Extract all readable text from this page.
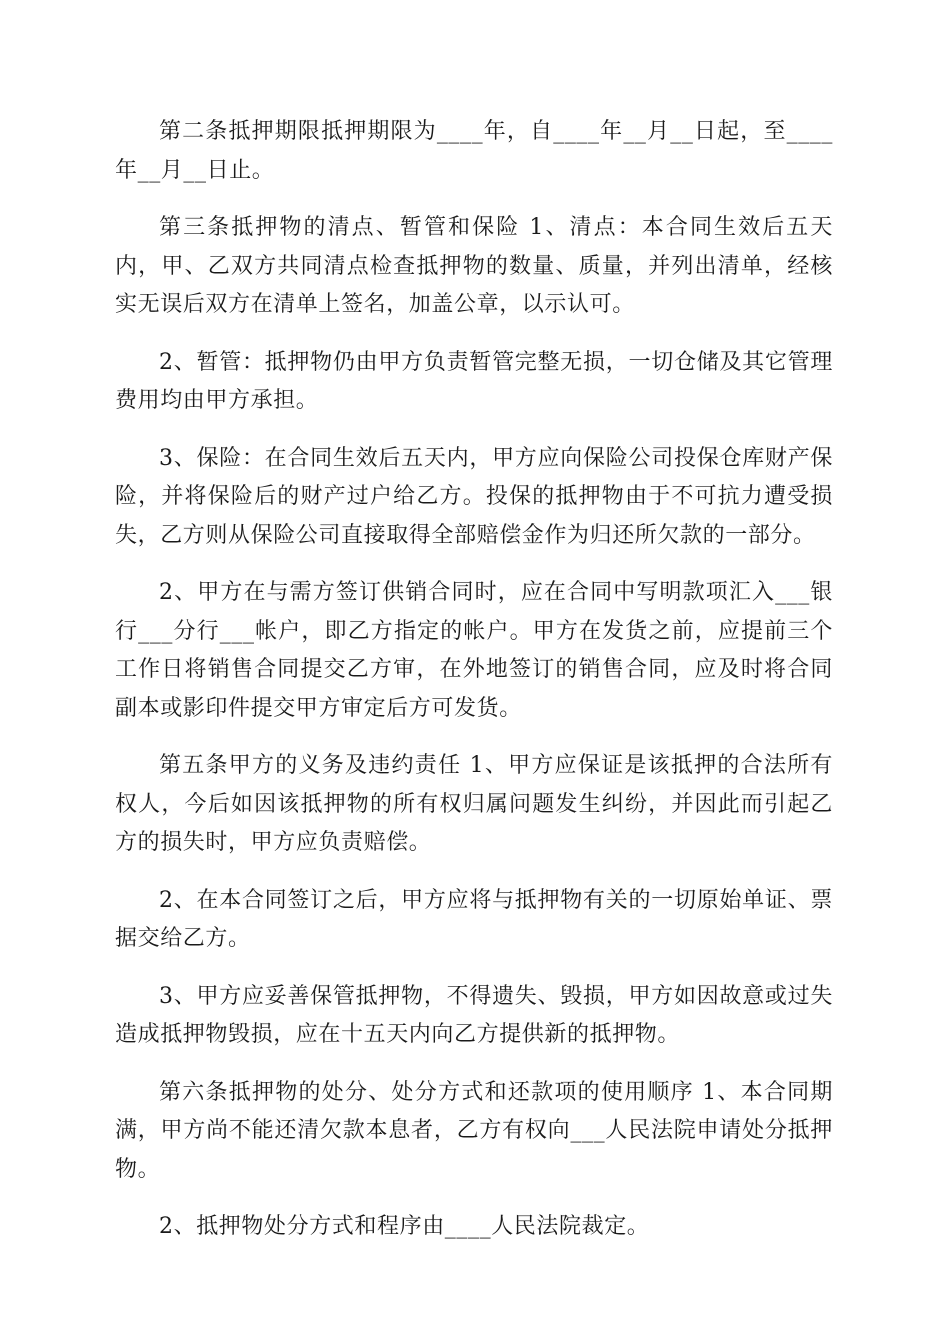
第二条抵押期限抵押期限为____年，自____年__月__日起，至____年__月__日止。

第三条抵押物的清点、暂管和保险 1、清点：本合同生效后五天内，甲、乙双方共同清点检查抵押物的数量、质量，并列出清单，经核实无误后双方在清单上签名，加盖公章，以示认可。

2、暂管：抵押物仍由甲方负责暂管完整无损，一切仓储及其它管理费用均由甲方承担。

3、保险：在合同生效后五天内，甲方应向保险公司投保仓库财产保险，并将保险后的财产过户给乙方。投保的抵押物由于不可抗力遭受损失，乙方则从保险公司直接取得全部赔偿金作为归还所欠款的一部分。

2、甲方在与需方签订供销合同时，应在合同中写明款项汇入___银行___分行___帐户，即乙方指定的帐户。甲方在发货之前，应提前三个工作日将销售合同提交乙方审，在外地签订的销售合同，应及时将合同副本或影印件提交甲方审定后方可发货。

第五条甲方的义务及违约责任 1、甲方应保证是该抵押的合法所有权人，今后如因该抵押物的所有权归属问题发生纠纷，并因此而引起乙方的损失时，甲方应负责赔偿。

2、在本合同签订之后，甲方应将与抵押物有关的一切原始单证、票据交给乙方。

3、甲方应妥善保管抵押物，不得遗失、毁损，甲方如因故意或过失造成抵押物毁损，应在十五天内向乙方提供新的抵押物。

第六条抵押物的处分、处分方式和还款项的使用顺序 1、本合同期满，甲方尚不能还清欠款本息者，乙方有权向___人民法院申请处分抵押物。

2、抵押物处分方式和程序由____人民法院裁定。
